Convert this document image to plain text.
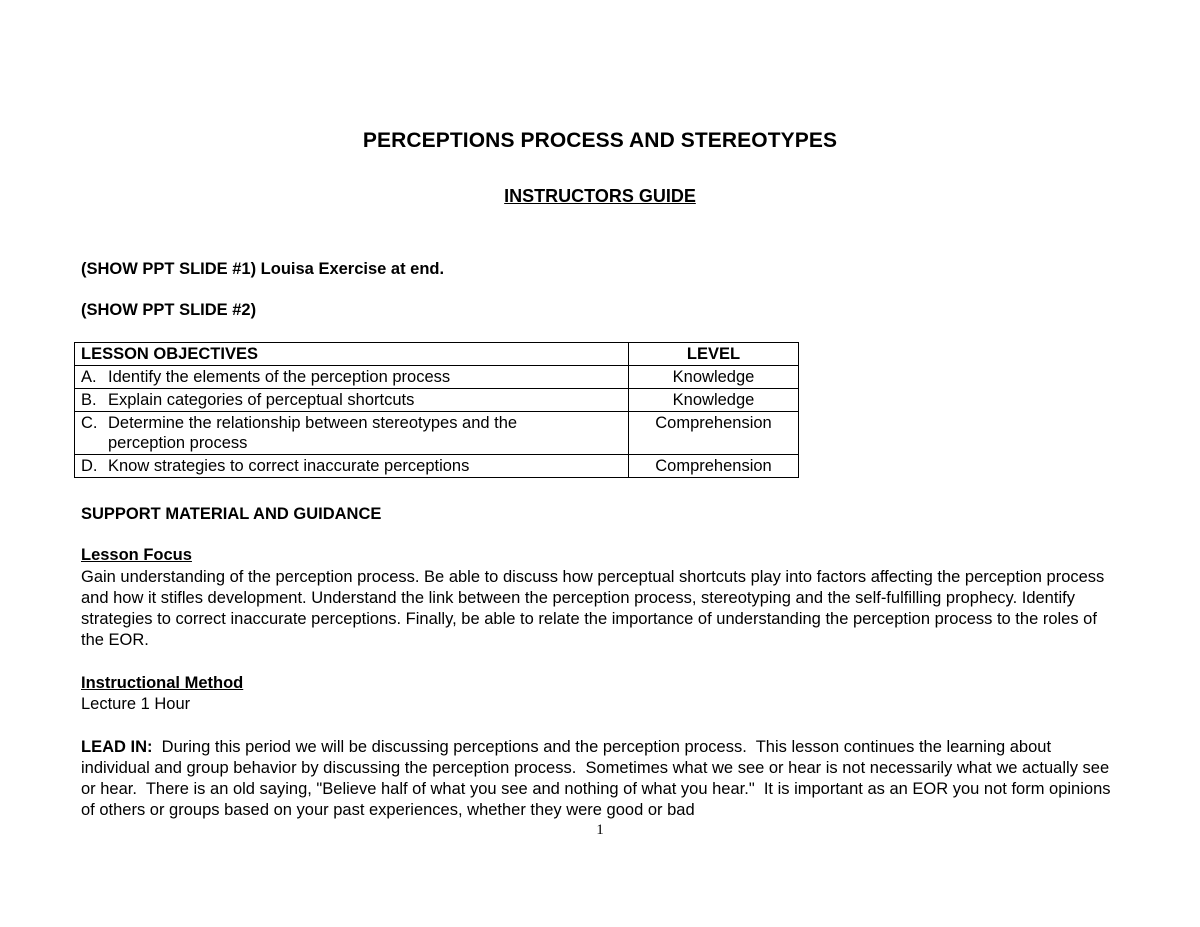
PERCEPTIONS PROCESS AND STEREOTYPES
INSTRUCTORS GUIDE
(SHOW PPT SLIDE #1) Louisa Exercise at end.
(SHOW PPT SLIDE #2)
LESSON OBJECTIVES	LEVEL

A. Identify the elements of the perception process	Knowledge

B. Explain categories of perceptual shortcuts	Knowledge

C. Determine the relationship between stereotypes and the perception process	Comprehension

D. Know strategies to correct inaccurate perceptions	Comprehension
SUPPORT MATERIAL AND GUIDANCE
Lesson Focus
Gain understanding of the perception process. Be able to discuss how perceptual shortcuts play into factors affecting the perception process and how it stifles development. Understand the link between the perception process, stereotyping and the self-fulfilling prophecy. Identify strategies to correct inaccurate perceptions. Finally, be able to relate the importance of understanding the perception process to the roles of the EOR.
Instructional Method
Lecture 1 Hour
LEAD IN:  During this period we will be discussing perceptions and the perception process.  This lesson continues the learning about individual and group behavior by discussing the perception process.  Sometimes what we see or hear is not necessarily what we actually see or hear.  There is an old saying, "Believe half of what you see and nothing of what you hear."  It is important as an EOR you not form opinions of others or groups based on your past experiences, whether they were good or bad
1
